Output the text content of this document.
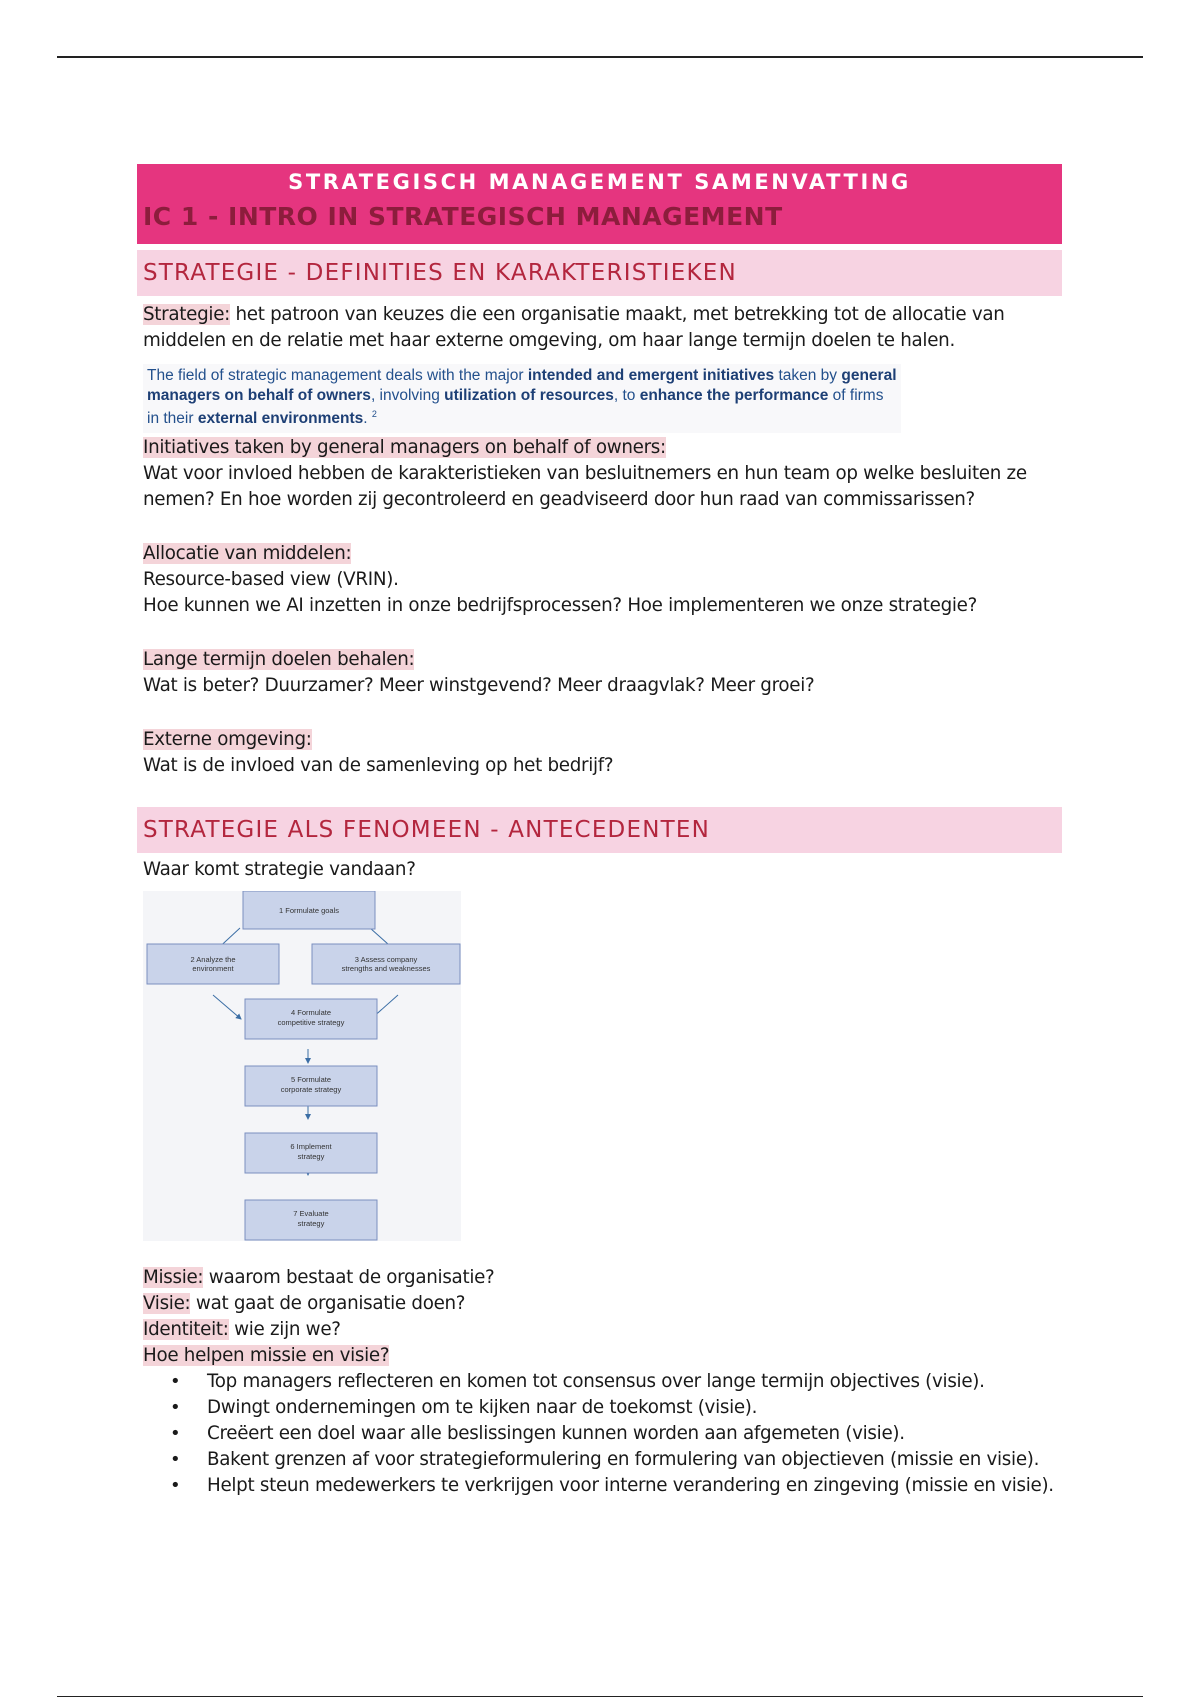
STRATEGISCH MANAGEMENT SAMENVATTING
IC 1 - INTRO IN STRATEGISCH MANAGEMENT
STRATEGIE - DEFINITIES EN KARAKTERISTIEKEN
Strategie: het patroon van keuzes die een organisatie maakt, met betrekking tot de allocatie van
middelen en de relatie met haar externe omgeving, om haar lange termijn doelen te halen.
The field of strategic management deals with the major intended and emergent initiatives taken by general managers on behalf of owners, involving utilization of resources, to enhance the performance of firms in their external environments. $^2$
Initiatives taken by general managers on behalf of owners:
Wat voor invloed hebben de karakteristieken van besluitnemers en hun team op welke besluiten ze
nemen? En hoe worden zij gecontroleerd en geadviseerd door hun raad van commissarissen?
Allocatie van middelen:
Resource-based view (VRIN).
Hoe kunnen we AI inzetten in onze bedrijfsprocessen? Hoe implementeren we onze strategie?
Lange termijn doelen behalen:
Wat is beter? Duurzamer? Meer winstgevend? Meer draagvlak? Meer groei?
Externe omgeving:
Wat is de invloed van de samenleving op het bedrijf?
STRATEGIE ALS FENOMEEN - ANTECEDENTEN
Waar komt strategie vandaan?
1 Formulate goals
2 Analyze the
environment
3 Assess company
strengths and weaknesses
4 Formulate
competitive strategy
5 Formulate
corporate strategy
6 Implement
strategy
7 Evaluate
strategy
Missie: waarom bestaat de organisatie?
Visie: wat gaat de organisatie doen?
Identiteit: wie zijn we?
Hoe helpen missie en visie?
• Top managers reflecteren en komen tot consensus over lange termijn objectives (visie).
• Dwingt ondernemingen om te kijken naar de toekomst (visie).
• Creëert een doel waar alle beslissingen kunnen worden aan afgemeten (visie).
• Bakent grenzen af voor strategieformulering en formulering van objectieven (missie en visie).
• Helpt steun medewerkers te verkrijgen voor interne verandering en zingeving (missie en visie).
